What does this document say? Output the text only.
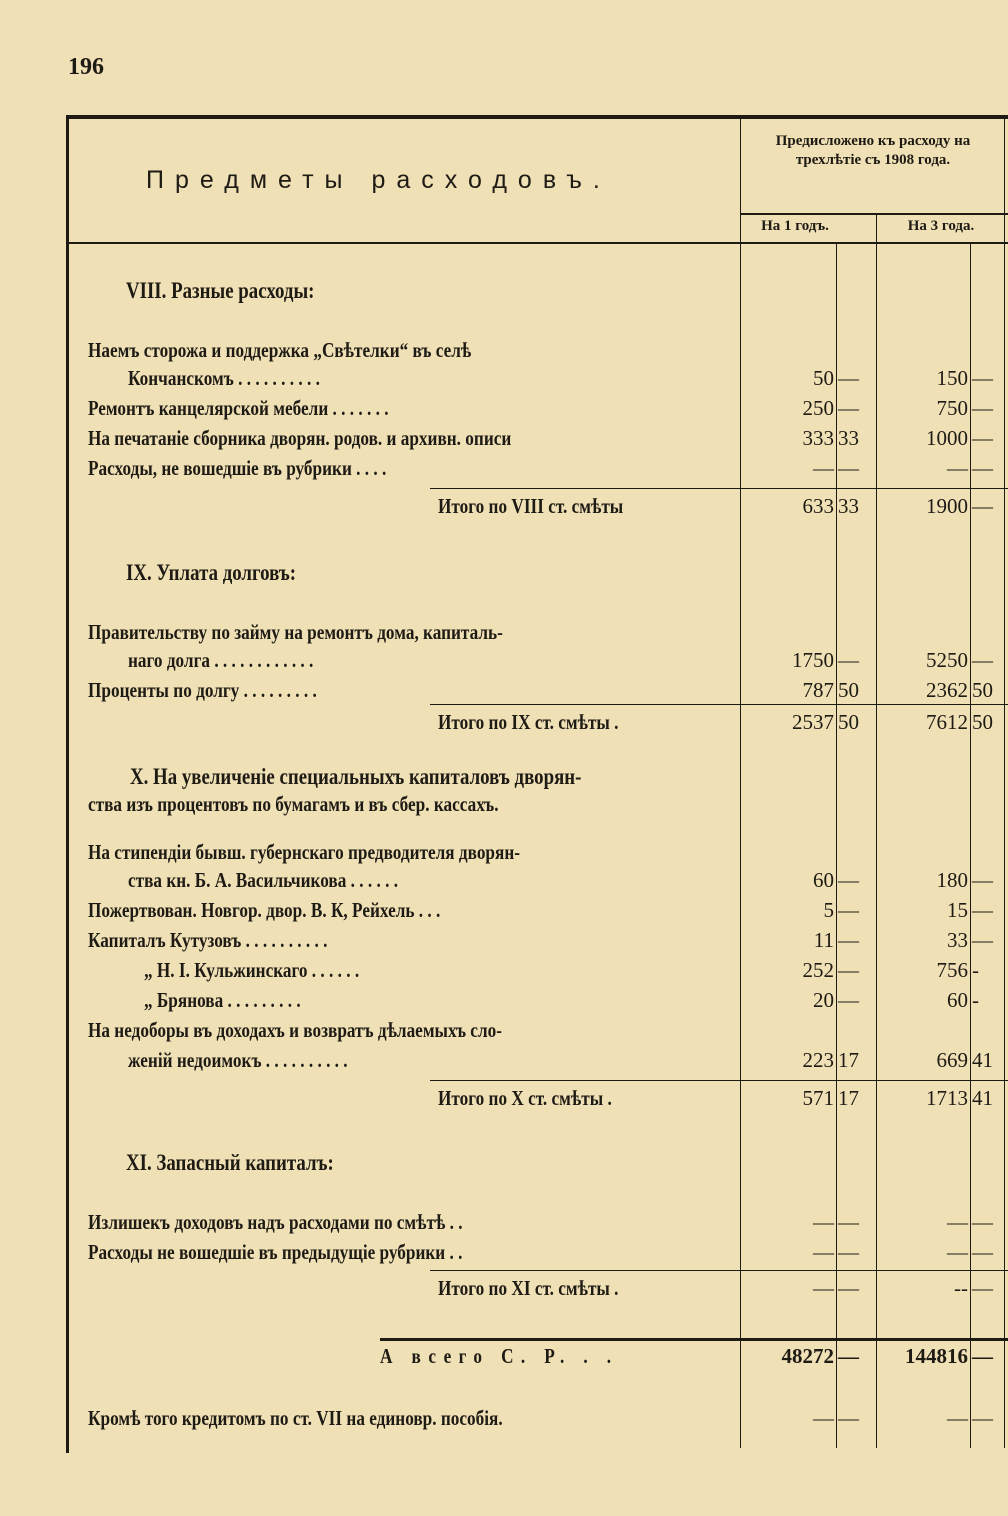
196
Предметы расходовъ.
Предисложено къ расходу на трехлѣтіе съ 1908 года.
На 1 годъ.	На 3 года.
VIII. Разные расходы:
Наемъ сторожа и поддержка „Свѣтелки“ въ селѣ
Кончанскомъ . . . . . . . . . .	50 —	150 —
Ремонтъ канцелярской мебели . . . . . . .	250 —	750 —
На печатаніе сборника дворян. родов. и архивн. описи	333 33	1000 —
Расходы, не вошедшіе въ рубрики . . . .	— —	— —
Итого по VIII ст. смѣты	633 33	1900 —
IX. Уплата долговъ:
Правительству по займу на ремонтъ дома, капиталь-
наго долга . . . . . . . . . . . .	1750 —	5250 —
Проценты по долгу . . . . . . . . .	787 50	2362 50
Итого по IX ст. смѣты .	2537 50	7612 50
X. На увеличеніе специальныхъ капиталовъ дворян-
ства изъ процентовъ по бумагамъ и въ сбер. кассахъ.
На стипендіи бывш. губернскаго предводителя дворян-
ства кн. Б. А. Васильчикова . . . . . .	60 —	180 —
Пожертвован. Новгор. двор. В. К, Рейхель . . .	5 —	15 —
Капиталъ Кутузовъ . . . . . . . . . .	11 —	33 —
„ Н. І. Кульжинскаго . . . . . .	252 —	756 -
„ Брянова . . . . . . . . .	20 —	60 -
На недоборы въ доходахъ и возвратъ дѣлаемыхъ сло-
женій недоимокъ . . . . . . . . . .	223 17	669 41
Итого по X ст. смѣты .	571 17	1713 41
XI. Запасный капиталъ:
Излишекъ доходовъ надъ расходами по смѣтѣ . .	— —	— —
Расходы не вошедшіе въ предыдущіе рубрики . .	— —	— —
Итого по XI ст. смѣты .	— —	-- —
А всего С. Р. . .	48272 —	144816 —
Кромѣ того кредитомъ по ст. VII на единовр. пособія.	— —	— —
